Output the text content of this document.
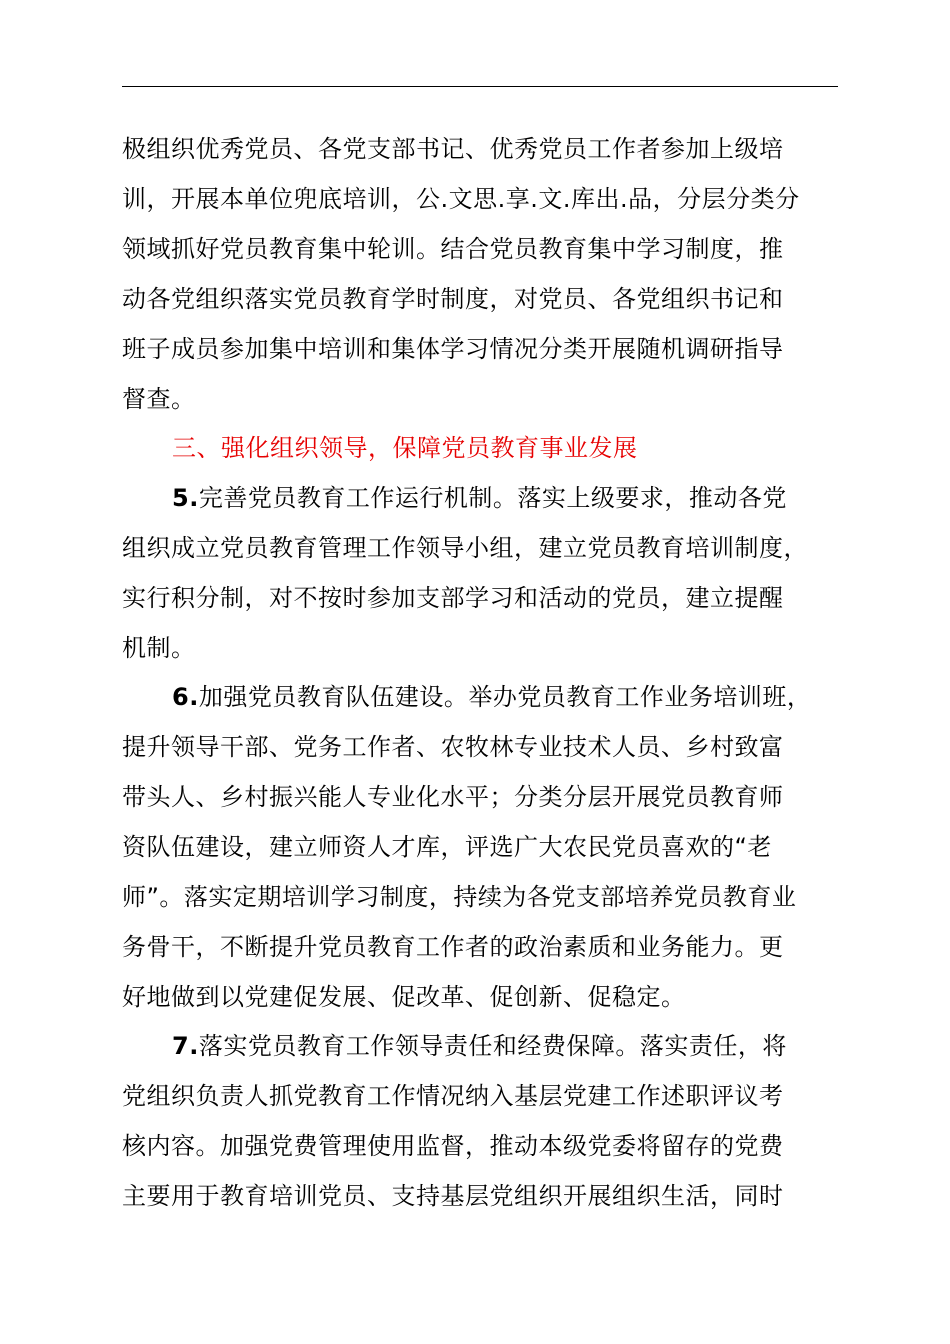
极组织优秀党员、各党支部书记、优秀党员工作者参加上级培
训，开展本单位兜底培训，公.文思.享.文.库出.品，分层分类分
领域抓好党员教育集中轮训。结合党员教育集中学习制度，推
动各党组织落实党员教育学时制度，对党员、各党组织书记和
班子成员参加集中培训和集体学习情况分类开展随机调研指导
督查。
三、强化组织领导，保障党员教育事业发展
5.完善党员教育工作运行机制。落实上级要求，推动各党
组织成立党员教育管理工作领导小组，建立党员教育培训制度，
实行积分制，对不按时参加支部学习和活动的党员，建立提醒
机制。
6.加强党员教育队伍建设。举办党员教育工作业务培训班，
提升领导干部、党务工作者、农牧林专业技术人员、乡村致富
带头人、乡村振兴能人专业化水平；分类分层开展党员教育师
资队伍建设，建立师资人才库，评选广大农民党员喜欢的“老
师”。落实定期培训学习制度，持续为各党支部培养党员教育业
务骨干，不断提升党员教育工作者的政治素质和业务能力。更
好地做到以党建促发展、促改革、促创新、促稳定。
7.落实党员教育工作领导责任和经费保障。落实责任，将
党组织负责人抓党教育工作情况纳入基层党建工作述职评议考
核内容。加强党费管理使用监督，推动本级党委将留存的党费
主要用于教育培训党员、支持基层党组织开展组织生活，同时
